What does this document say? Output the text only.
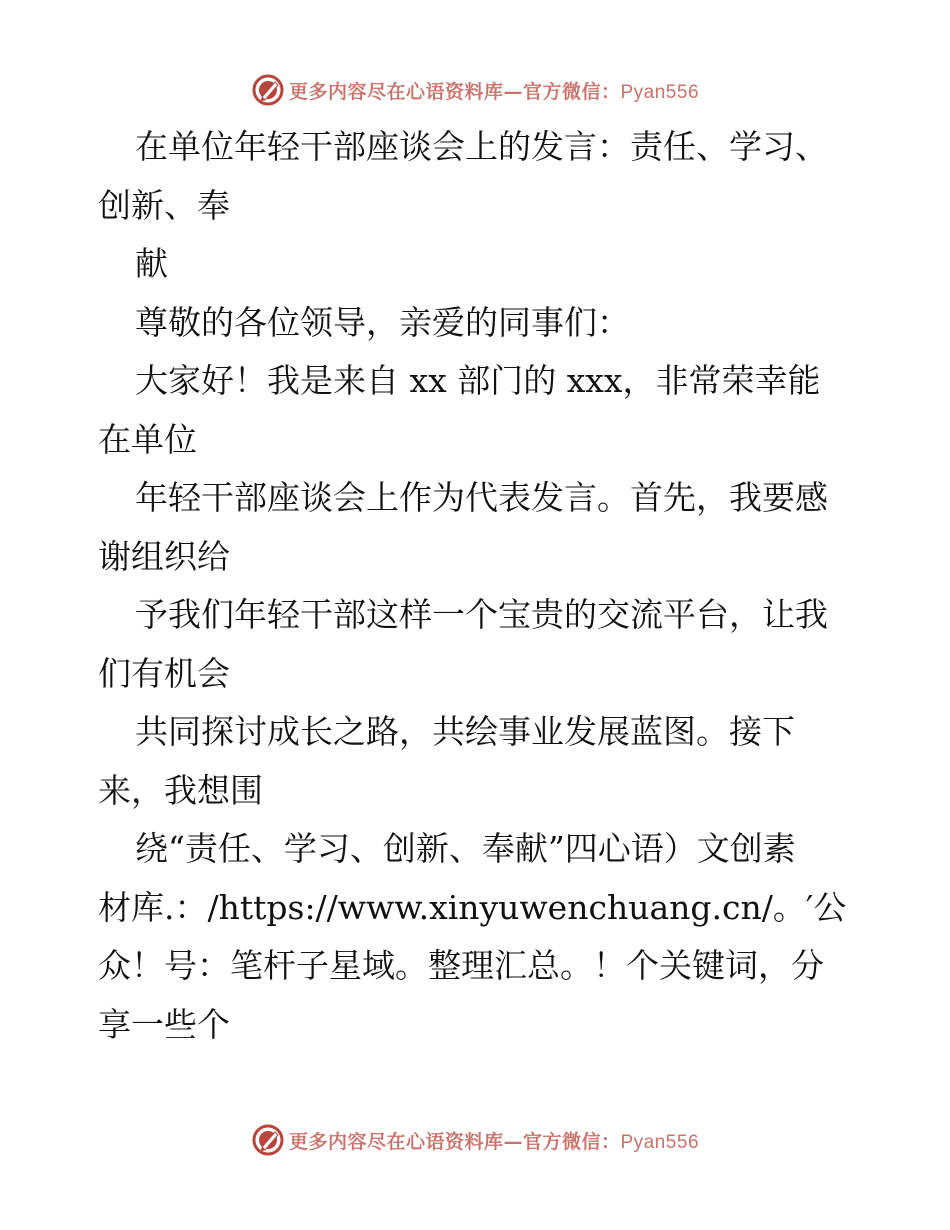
更多内容尽在心语资料库—官方微信：Pyan556
在单位年轻干部座谈会上的发言：责任、学习、
创新、奉
献
尊敬的各位领导，亲爱的同事们：
大家好！我是来自 xx 部门的 xxx，非常荣幸能
在单位
年轻干部座谈会上作为代表发言。首先，我要感
谢组织给
予我们年轻干部这样一个宝贵的交流平台，让我
们有机会
共同探讨成长之路，共绘事业发展蓝图。接下
来，我想围
绕“责任、学习、创新、奉献”四心语）文创素
材库.：/https://www.xinyuwenchuang.cn/。′公
众！号：笔杆子星域。整理汇总。！个关键词，分
享一些个
更多内容尽在心语资料库—官方微信：Pyan556
